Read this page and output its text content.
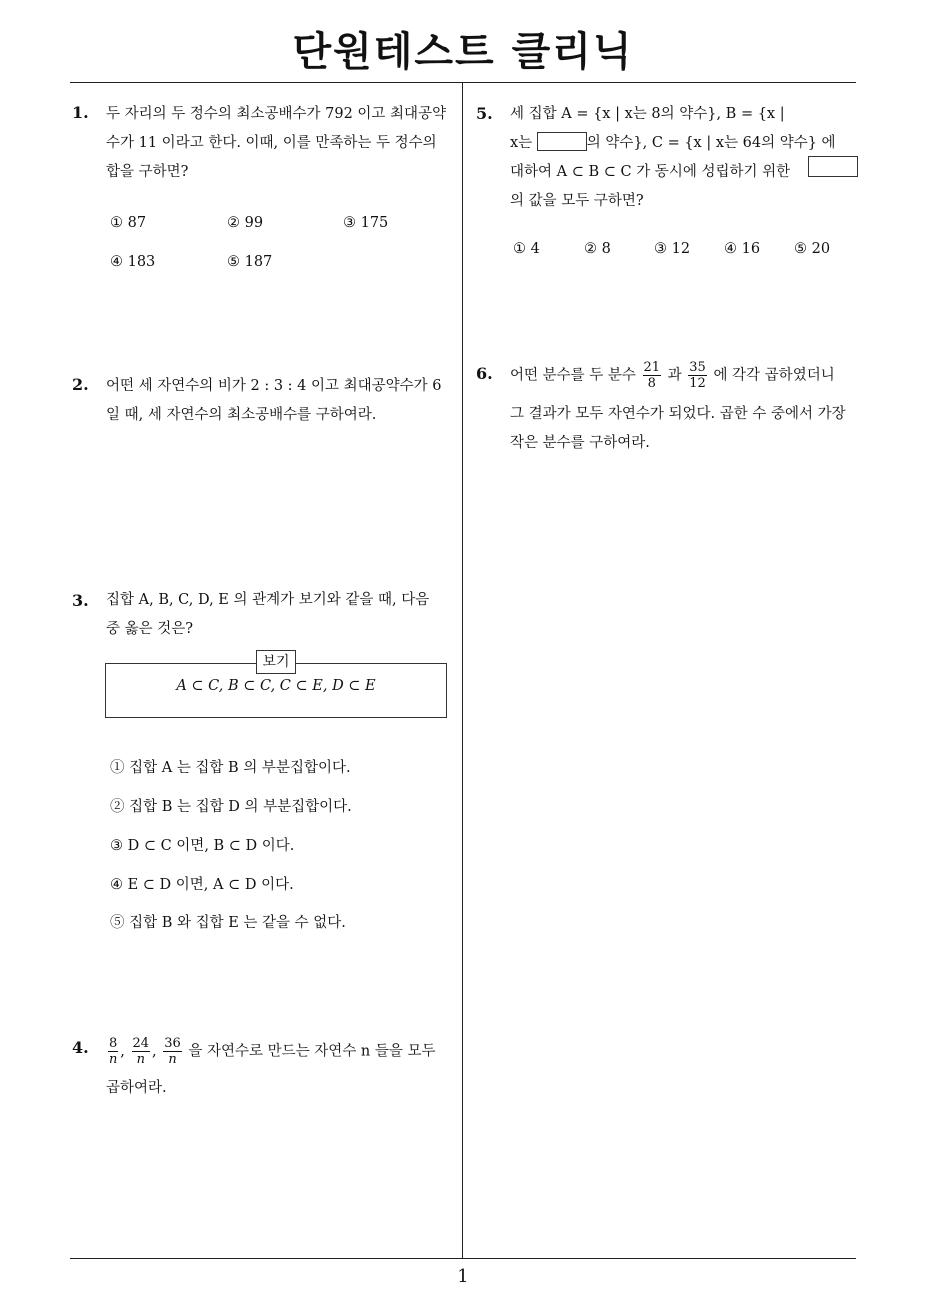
단원테스트 클리닉
1
1. 두 자리의 두 정수의 최소공배수가 792 이고 최대공약
수가 11 이라고 한다. 이때, 이를 만족하는 두 정수의
합을 구하면?
① 87	② 99	③ 175
④ 183	⑤ 187
2. 어떤 세 자연수의 비가 2 : 3 : 4 이고 최대공약수가 6
일 때, 세 자연수의 최소공배수를 구하여라.
3. 집합 A, B, C, D, E 의 관계가 보기와 같을 때, 다음
중 옳은 것은?
보기
A ⊂ C, B ⊂ C, C ⊂ E, D ⊂ E
① 집합 A 는 집합 B 의 부분집합이다.
② 집합 B 는 집합 D 의 부분집합이다.
③ D ⊂ C 이면, B ⊂ D 이다.
④ E ⊂ D 이면, A ⊂ D 이다.
⑤ 집합 B 와 집합 E 는 같을 수 없다.
4. $\frac{8}{n}$ , $\frac{24}{n}$ , $\frac{36}{n}$ 을 자연수로 만드는 자연수 n 들을 모두
곱하여라.
5. 세 집합 A = {x | x는 8의 약수}, B = {x |
x는	의 약수}, C = {x | x는 64의 약수} 에
대하여 A ⊂ B ⊂ C 가 동시에 성립하기 위한
의 값을 모두 구하면?
① 4	② 8	③ 12 ④ 16 ⑤ 20
6. 어떤 분수를 두 분수 $\frac{21}{8}$ 과 $\frac{35}{12}$ 에 각각 곱하였더니
그 결과가 모두 자연수가 되었다. 곱한 수 중에서 가장
작은 분수를 구하여라.
